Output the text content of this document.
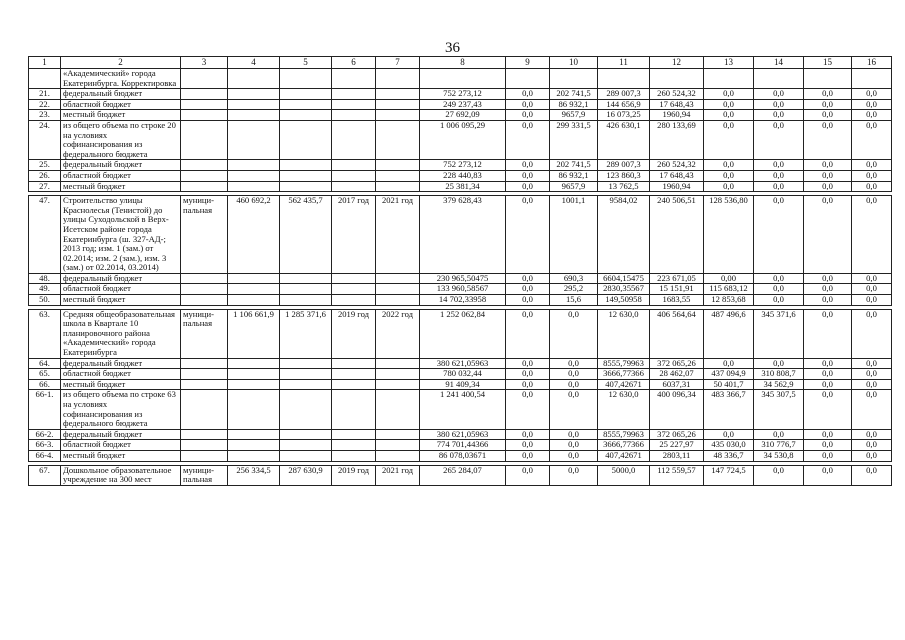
36
1	2	3	4	5	6	7	8	9	10	11	12	13	14	15	16
	«Академический» города Екатеринбурга. Корректировка														
21.	федеральный бюджет						752 273,12	0,0	202 741,5	289 007,3	260 524,32	0,0	0,0	0,0	0,0
22.	областной бюджет						249 237,43	0,0	86 932,1	144 656,9	17 648,43	0,0	0,0	0,0	0,0
23.	местный бюджет						27 692,09	0,0	9657,9	16 073,25	1960,94	0,0	0,0	0,0	0,0
24.	из общего объема по строке 20 на условиях софинансирования из федерального бюджета						1 006 095,29	0,0	299 331,5	426 630,1	280 133,69	0,0	0,0	0,0	0,0
25.	федеральный бюджет						752 273,12	0,0	202 741,5	289 007,3	260 524,32	0,0	0,0	0,0	0,0
26.	областной бюджет						228 440,83	0,0	86 932,1	123 860,3	17 648,43	0,0	0,0	0,0	0,0
27.	местный бюджет						25 381,34	0,0	9657,9	13 762,5	1960,94	0,0	0,0	0,0	0,0

47.	Строительство улицы Краснолесья (Тенистой) до улицы Суходольской в Верх-Исетском районе города Екатеринбурга (ш. 327-АД-; 2013 год; изм. 1 (зам.) от 02.2014; изм. 2 (зам.), изм. 3 (зам.) от 02.2014, 03.2014)	муници-пальная	460 692,2	562 435,7	2017 год	2021 год	379 628,43	0,0	1001,1	9584,02	240 506,51	128 536,80	0,0	0,0	0,0
48.	федеральный бюджет						230 965,50475	0,0	690,3	6604,15475	223 671,05	0,00	0,0	0,0	0,0
49.	областной бюджет						133 960,58567	0,0	295,2	2830,35567	15 151,91	115 683,12	0,0	0,0	0,0
50.	местный бюджет						14 702,33958	0,0	15,6	149,50958	1683,55	12 853,68	0,0	0,0	0,0

63.	Средняя общеобразовательная школа в Квартале 10 планировочного района «Академический» города Екатеринбурга	муници-пальная	1 106 661,9	1 285 371,6	2019 год	2022 год	1 252 062,84	0,0	0,0	12 630,0	406 564,64	487 496,6	345 371,6	0,0	0,0
64.	федеральный бюджет						380 621,05963	0,0	0,0	8555,79963	372 065,26	0,0	0,0	0,0	0,0
65.	областной бюджет						780 032,44	0,0	0,0	3666,77366	28 462,07	437 094,9	310 808,7	0,0	0,0
66.	местный бюджет						91 409,34	0,0	0,0	407,42671	6037,31	50 401,7	34 562,9	0,0	0,0
66-1.	из общего объема по строке 63 на условиях софинансирования из федерального бюджета						1 241 400,54	0,0	0,0	12 630,0	400 096,34	483 366,7	345 307,5	0,0	0,0
66-2.	федеральный бюджет						380 621,05963	0,0	0,0	8555,79963	372 065,26	0,0	0,0	0,0	0,0
66-3.	областной бюджет						774 701,44366	0,0	0,0	3666,77366	25 227,97	435 030,0	310 776,7	0,0	0,0
66-4.	местный бюджет						86 078,03671	0,0	0,0	407,42671	2803,11	48 336,7	34 530,8	0,0	0,0

67.	Дошкольное образовательное учреждение на 300 мест	муници-пальная	256 334,5	287 630,9	2019 год	2021 год	265 284,07	0,0	0,0	5000,0	112 559,57	147 724,5	0,0	0,0	0,0
